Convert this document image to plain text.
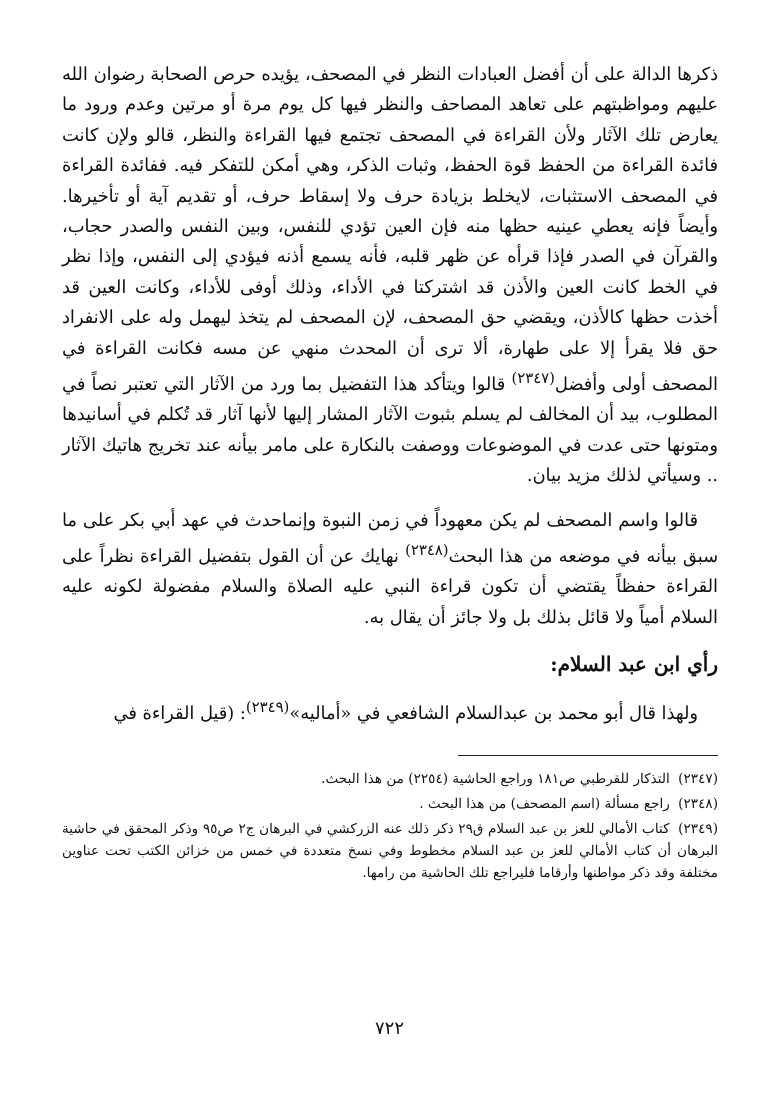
ذكرها الدالة على أن أفضل العبادات النظر في المصحف، يؤيده حرص الصحابة رضوان الله عليهم ومواظبتهم على تعاهد المصاحف والنظر فيها كل يوم مرة أو مرتين وعدم ورود ما يعارض تلك الآثار ولأن القراءة في المصحف تجتمع فيها القراءة والنظر، قالو ولإن كانت فائدة القراءة من الحفظ قوة الحفظ، وثبات الذكر، وهي أمكن للتفكر فيه. ففائدة القراءة في المصحف الاستثبات، لايخلط بزيادة حرف ولا إسقاط حرف، أو تقديم آية أو تأخيرها. وأيضاً فإنه يعطي عينيه حظها منه فإن العين تؤدي للنفس، وبين النفس والصدر حجاب، والقرآن في الصدر فإذا قرأه عن ظهر قلبه، فأنه يسمع أذنه فيؤدي إلى النفس، وإذا نظر في الخط كانت العين والأذن قد اشتركتا في الأداء، وذلك أوفى للأداء، وكانت العين قد أخذت حظها كالأذن، ويقضي حق المصحف، لإن المصحف لم يتخذ ليهمل وله على الانفراد حق فلا يقرأ إلا على طهارة، ألا ترى أن المحدث منهي عن مسه فكانت القراءة في المصحف أولى وأفضل$^{(٢٣٤٧)}$ قالوا ويتأكد هذا التفضيل بما ورد من الآثار التي تعتبر نصاً في المطلوب، بيد أن المخالف لم يسلم بثبوت الآثار المشار إليها لأنها آثار قد تُكلم في أسانيدها ومتونها حتى عدت في الموضوعات ووصفت بالنكارة على مامر بيأنه عند تخريج هاتيك الآثار .. وسيأتي لذلك مزيد بيان.

قالوا واسم المصحف لم يكن معهوداً في زمن النبوة وإنماحدث في عهد أبي بكر على ما سبق بيأنه في موضعه من هذا البحث$^{(٢٣٤٨)}$ نهايك عن أن القول بتفضيل القراءة نظراً على القراءة حفظاً يقتضي أن تكون قراءة النبي عليه الصلاة والسلام مفضولة لكونه عليه السلام أمياً ولا قائل بذلك بل ولا جائز أن يقال به.

رأي ابن عبد السلام:

ولهذا قال أبو محمد بن عبدالسلام الشافعي في «أماليه»$^{(٢٣٤٩)}$: (قيل القراءة في

(٢٣٤٧) التذكار للقرطبي ص١٨١ وراجع الحاشية (٢٢٥٤) من هذا البحث.
(٢٣٤٨) راجع مسألة (اسم المصحف) من هذا البحث .
(٢٣٤٩) كتاب الأمالي للعز بن عبد السلام ق٢٩ ذكر ذلك عنه الزركشي في البرهان ج٢ ص٩٥ وذكر المحقق في حاشية البرهان أن كتاب الأمالي للعز بن عبد السلام مخطوط وفي نسخ متعددة في خمس من خزائن الكتب تحت عناوين مختلفة وقد ذكر مواطنها وأرقاما فليراجع تلك الحاشية من رامها.
٧٢٢
